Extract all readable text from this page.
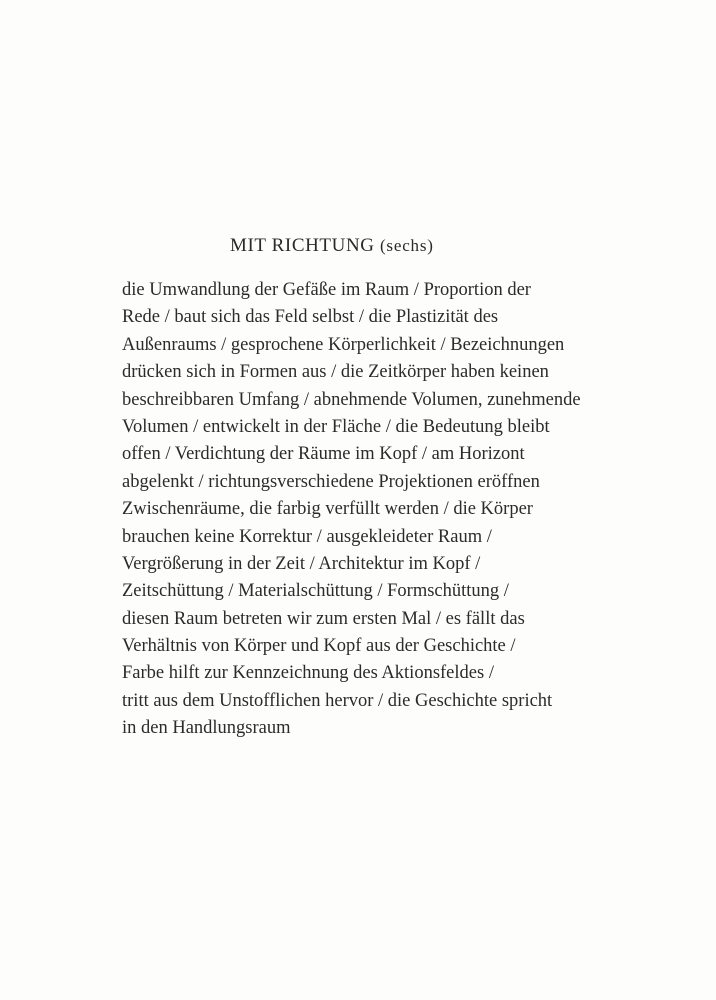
MIT RICHTUNG (sechs)
die Umwandlung der Gefäße im Raum / Proportion der
Rede / baut sich das Feld selbst / die Plastizität des
Außenraums / gesprochene Körperlichkeit / Bezeichnungen
drücken sich in Formen aus / die Zeitkörper haben keinen
beschreibbaren Umfang / abnehmende Volumen, zunehmende
Volumen / entwickelt in der Fläche / die Bedeutung bleibt
offen / Verdichtung der Räume im Kopf / am Horizont
abgelenkt / richtungsverschiedene Projektionen eröffnen
Zwischenräume, die farbig verfüllt werden / die Körper
brauchen keine Korrektur / ausgekleideter Raum /
Vergrößerung in der Zeit / Architektur im Kopf /
Zeitschüttung / Materialschüttung / Formschüttung /
diesen Raum betreten wir zum ersten Mal / es fällt das
Verhältnis von Körper und Kopf aus der Geschichte /
Farbe hilft zur Kennzeichnung des Aktionsfeldes /
tritt aus dem Unstofflichen hervor / die Geschichte spricht
in den Handlungsraum
